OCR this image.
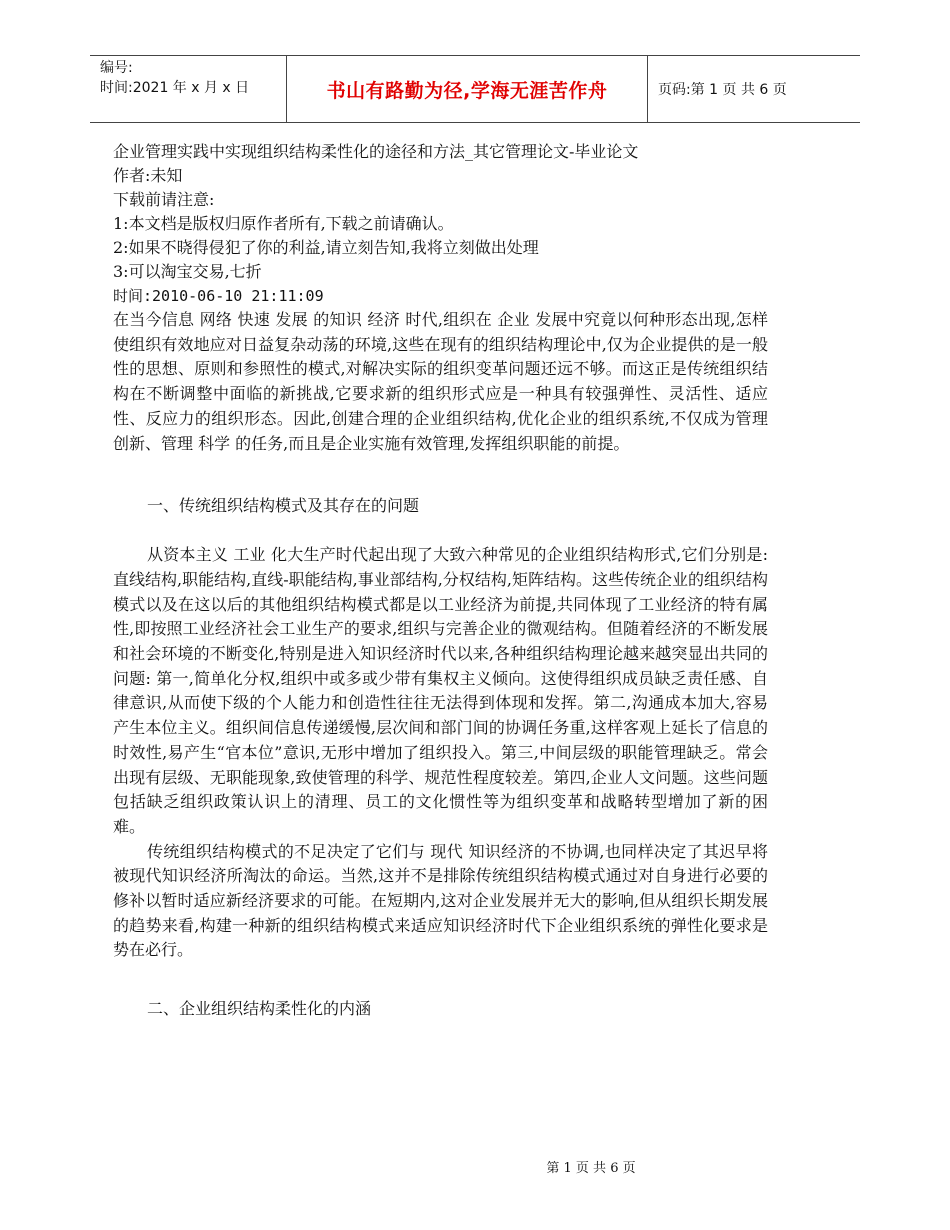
编号:
时间:2021 年 x 月 x 日	书山有路勤为径,学海无涯苦作舟	页码:第 1 页 共 6 页
企业管理实践中实现组织结构柔性化的途径和方法_其它管理论文-毕业论文
作者:未知
下载前请注意:
1:本文档是版权归原作者所有,下载之前请确认。
2:如果不晓得侵犯了你的利益,请立刻告知,我将立刻做出处理
3:可以淘宝交易,七折
时间:2010-06-10 21:11:09

在当今信息 网络 快速 发展 的知识 经济 时代,组织在 企业 发展中究竟以何种形态出现,怎样使组织有效地应对日益复杂动荡的环境,这些在现有的组织结构理论中,仅为企业提供的是一般性的思想、原则和参照性的模式,对解决实际的组织变革问题还远不够。而这正是传统组织结构在不断调整中面临的新挑战,它要求新的组织形式应是一种具有较强弹性、灵活性、适应性、反应力的组织形态。因此,创建合理的企业组织结构,优化企业的组织系统,不仅成为管理创新、管理 科学 的任务,而且是企业实施有效管理,发挥组织职能的前提。

一、传统组织结构模式及其存在的问题

从资本主义 工业 化大生产时代起出现了大致六种常见的企业组织结构形式,它们分别是:直线结构,职能结构,直线-职能结构,事业部结构,分权结构,矩阵结构。这些传统企业的组织结构模式以及在这以后的其他组织结构模式都是以工业经济为前提,共同体现了工业经济的特有属性,即按照工业经济社会工业生产的要求,组织与完善企业的微观结构。但随着经济的不断发展和社会环境的不断变化,特别是进入知识经济时代以来,各种组织结构理论越来越突显出共同的问题: 第一,简单化分权,组织中或多或少带有集权主义倾向。这使得组织成员缺乏责任感、自律意识,从而使下级的个人能力和创造性往往无法得到体现和发挥。第二,沟通成本加大,容易产生本位主义。组织间信息传递缓慢,层次间和部门间的协调任务重,这样客观上延长了信息的时效性,易产生“官本位”意识,无形中增加了组织投入。第三,中间层级的职能管理缺乏。常会出现有层级、无职能现象,致使管理的科学、规范性程度较差。第四,企业人文问题。这些问题包括缺乏组织政策认识上的清理、员工的文化惯性等为组织变革和战略转型增加了新的困难。

传统组织结构模式的不足决定了它们与 现代 知识经济的不协调,也同样决定了其迟早将被现代知识经济所淘汰的命运。当然,这并不是排除传统组织结构模式通过对自身进行必要的修补以暂时适应新经济要求的可能。在短期内,这对企业发展并无大的影响,但从组织长期发展的趋势来看,构建一种新的组织结构模式来适应知识经济时代下企业组织系统的弹性化要求是势在必行。

二、企业组织结构柔性化的内涵
第 1 页 共 6 页
